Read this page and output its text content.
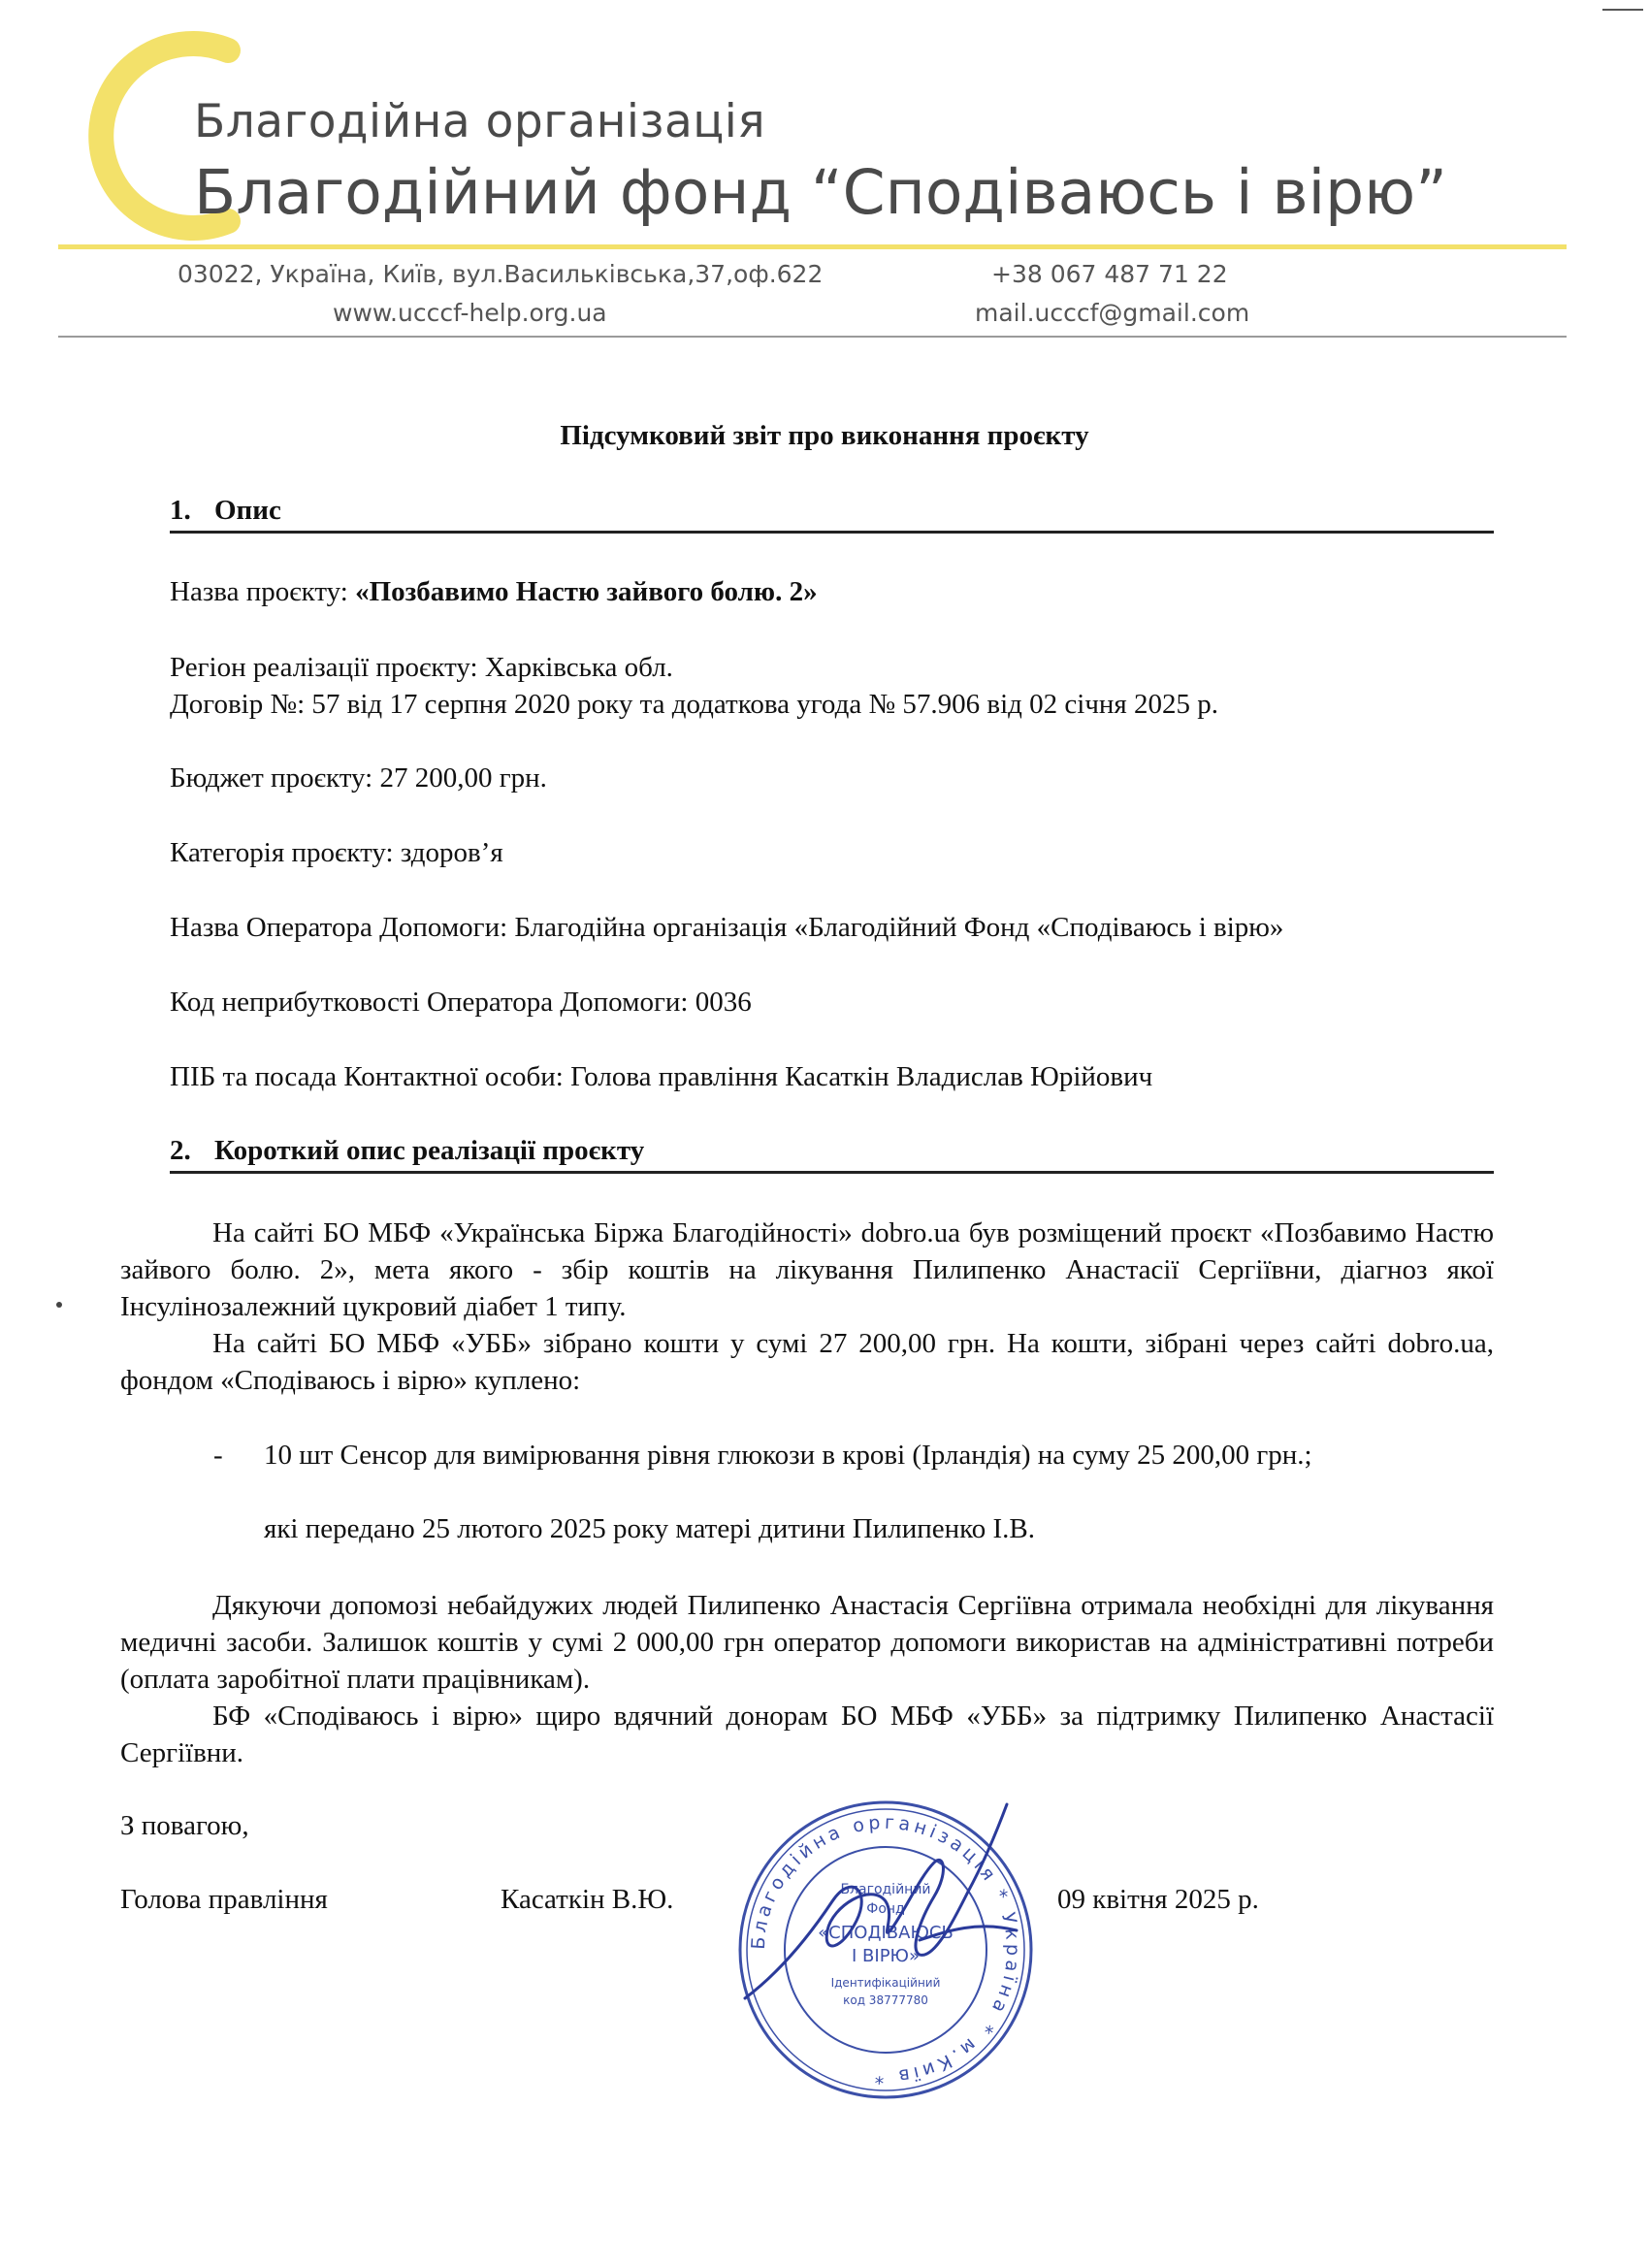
Благодійна організація
Благодійний фонд “Сподіваюсь і вірю”
03022, Україна, Київ, вул.Васильківська,37,оф.622	+38 067 487 71 22
www.ucccf-help.org.ua	mail.ucccf@gmail.com
Підсумковий звіт про виконання проєкту
1. Опис
Назва проєкту: «Позбавимо Настю зайвого болю. 2»
Регіон реалізації проєкту: Харківська обл.
Договір №: 57 від 17 серпня 2020 року та додаткова угода № 57.906 від 02 січня 2025 р.
Бюджет проєкту: 27 200,00 грн.
Категорія проєкту: здоров’я
Назва Оператора Допомоги: Благодійна організація «Благодійний Фонд «Сподіваюсь і вірю»
Код неприбутковості Оператора Допомоги: 0036
ПІБ та посада Контактної особи: Голова правління Касаткін Владислав Юрійович
2. Короткий опис реалізації проєкту
На сайті БО МБФ «Українська Біржа Благодійності» dobro.ua був розміщений проєкт «Позбавимо Настю зайвого болю. 2», мета якого - збір коштів на лікування Пилипенко Анастасії Сергіївни, діагноз якої Інсулінозалежний цукровий діабет 1 типу.
На сайті БО МБФ «УББ» зібрано кошти у сумі 27 200,00 грн. На кошти, зібрані через сайті dobro.ua, фондом «Сподіваюсь і вірю» куплено:
- 10 шт Сенсор для вимірювання рівня глюкози в крові (Ірландія) на суму 25 200,00 грн.;
які передано 25 лютого 2025 року матері дитини Пилипенко І.В.
Дякуючи допомозі небайдужих людей Пилипенко Анастасія Сергіївна отримала необхідні для лікування медичні засоби. Залишок коштів у сумі 2 000,00 грн оператор допомоги використав на адміністративні потреби (оплата заробітної плати працівникам).
БФ «Сподіваюсь і вірю» щиро вдячний донорам БО МБФ «УББ» за підтримку Пилипенко Анастасії Сергіївни.
З повагою,
Голова правління	Касаткін В.Ю.	09 квітня 2025 р.
Благодійна організація * Україна * м.Київ *
Благодійний
Фонд
«СПОДІВАЮСЬ
І ВІРЮ»
Ідентифікаційний
код 38777780
